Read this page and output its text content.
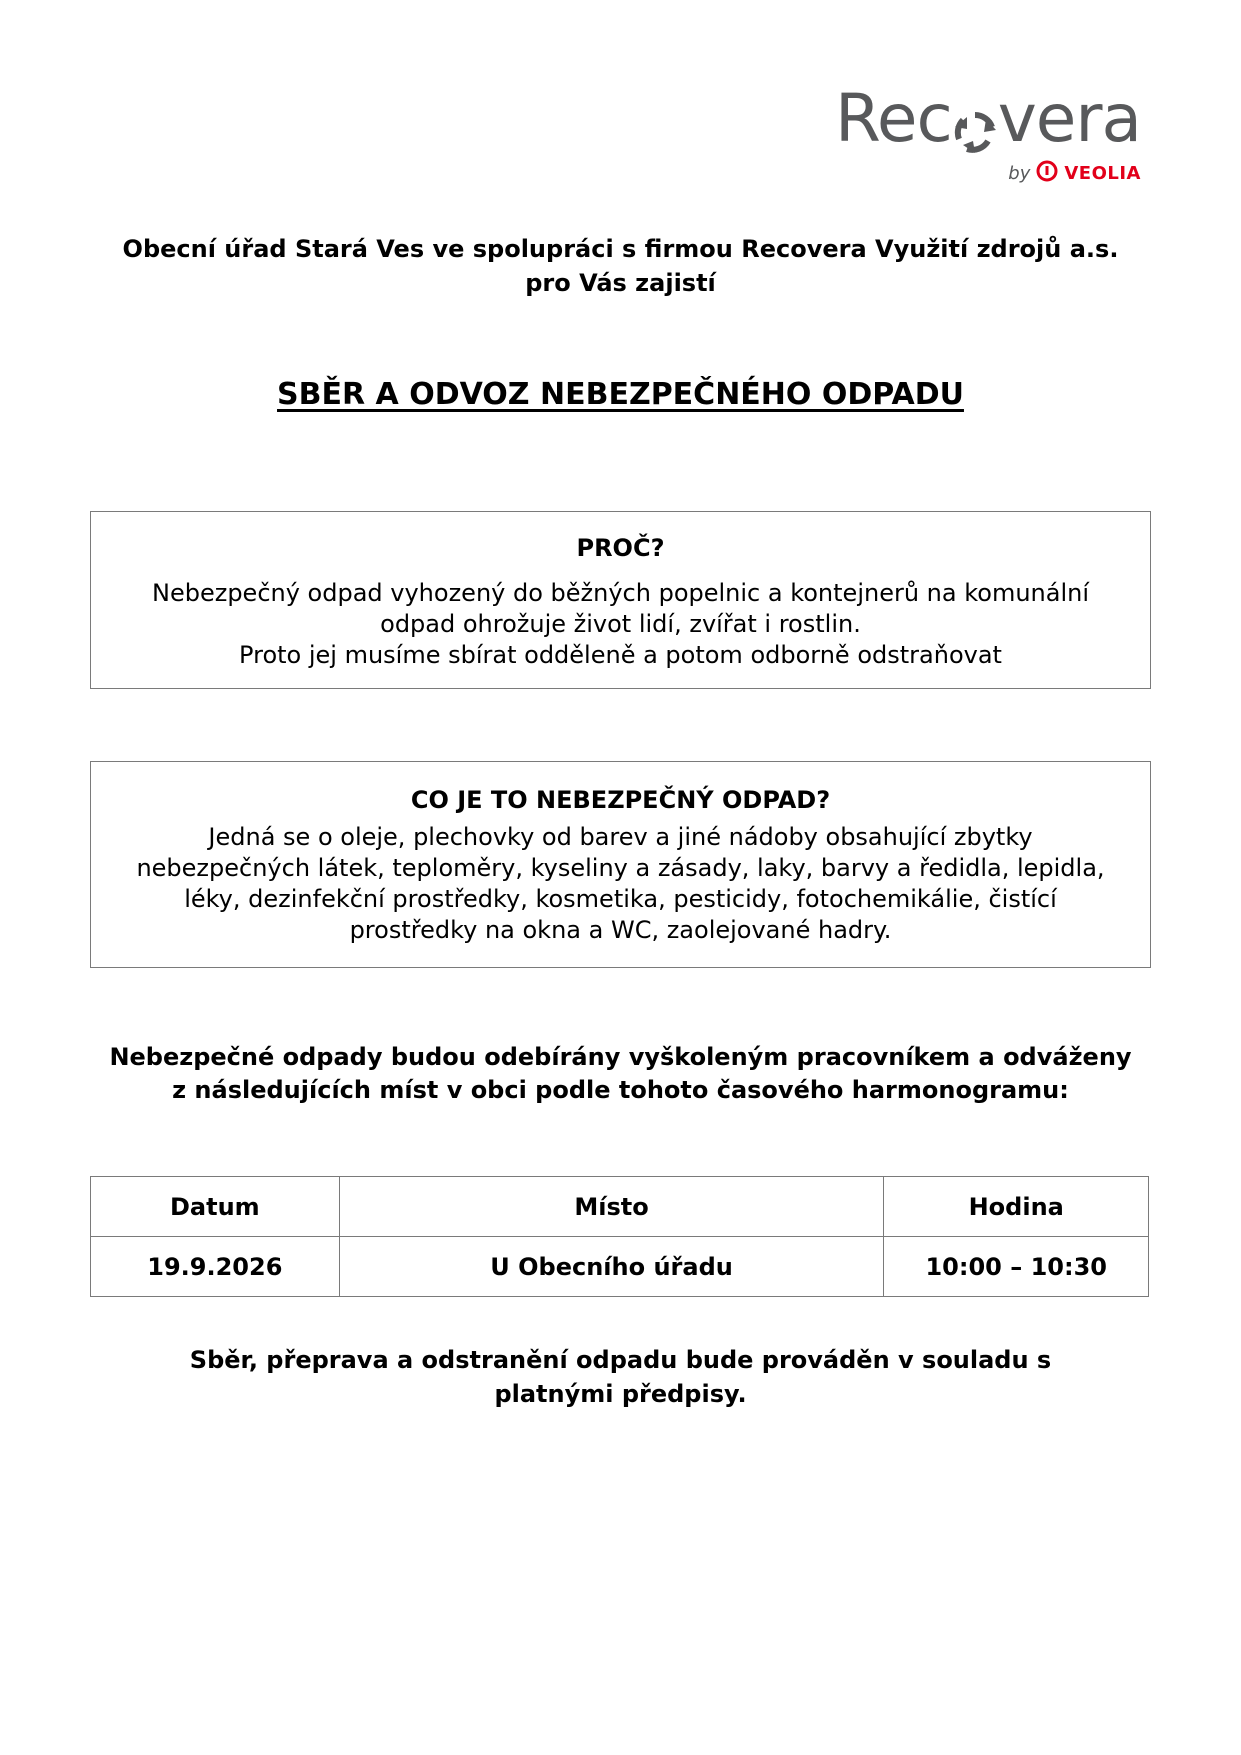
Rec vera
by VEOLIA
Obecní úřad Stará Ves ve spolupráci s firmou Recovera Využití zdrojů a.s.
pro Vás zajistí
SBĚR A ODVOZ NEBEZPEČNÉHO ODPADU
PROČ?
Nebezpečný odpad vyhozený do běžných popelnic a kontejnerů na komunální
odpad ohrožuje život lidí, zvířat i rostlin.
Proto jej musíme sbírat odděleně a potom odborně odstraňovat
CO JE TO NEBEZPEČNÝ ODPAD?
Jedná se o oleje, plechovky od barev a jiné nádoby obsahující zbytky
nebezpečných látek, teploměry, kyseliny a zásady, laky, barvy a ředidla, lepidla,
léky, dezinfekční prostředky, kosmetika, pesticidy, fotochemikálie, čistící
prostředky na okna a WC, zaolejované hadry.
Nebezpečné odpady budou odebírány vyškoleným pracovníkem a odváženy
z následujících míst v obci podle tohoto časového harmonogramu:
Datum	Místo	Hodina
19.9.2026	U Obecního úřadu	10:00 – 10:30
Sběr, přeprava a odstranění odpadu bude prováděn v souladu s
platnými předpisy.
